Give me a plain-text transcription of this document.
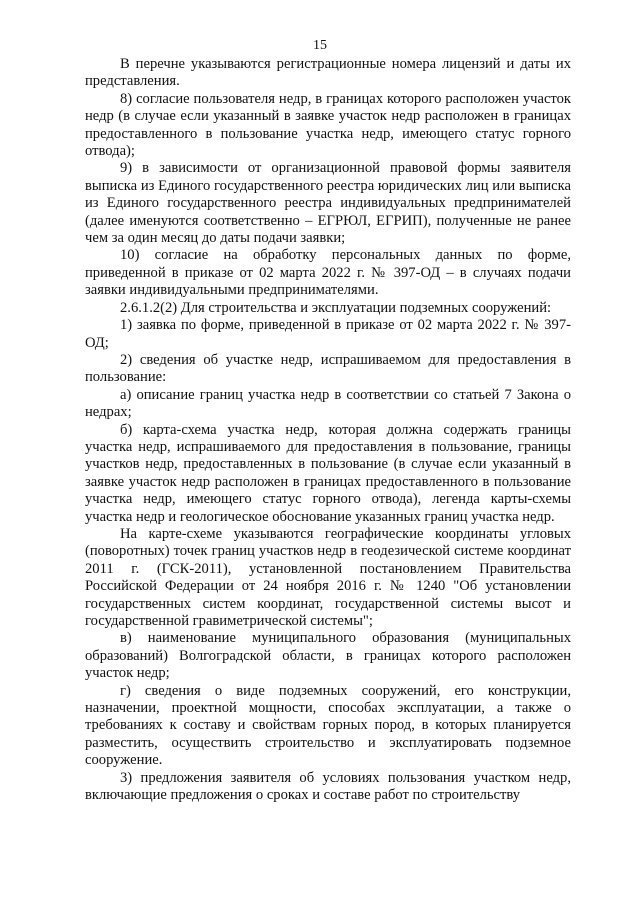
15

В перечне указываются регистрационные номера лицензий и даты их представления.

8) согласие пользователя недр, в границах которого расположен участок недр (в случае если указанный в заявке участок недр расположен в границах предоставленного в пользование участка недр, имеющего статус горного отвода);

9) в зависимости от организационной правовой формы заявителя выписка из Единого государственного реестра юридических лиц или выписка из Единого государственного реестра индивидуальных предпринимателей (далее именуются соответственно – ЕГРЮЛ, ЕГРИП), полученные не ранее чем за один месяц до даты подачи заявки;

10) согласие на обработку персональных данных по форме, приведенной в приказе от 02 марта 2022 г. № 397-ОД – в случаях подачи заявки индивидуальными предпринимателями.

2.6.1.2(2) Для строительства и эксплуатации подземных сооружений:

1) заявка по форме, приведенной в приказе от 02 марта 2022 г. № 397-ОД;

2) сведения об участке недр, испрашиваемом для предоставления в пользование:

а) описание границ участка недр в соответствии со статьей 7 Закона о недрах;

б) карта-схема участка недр, которая должна содержать границы участка недр, испрашиваемого для предоставления в пользование, границы участков недр, предоставленных в пользование (в случае если указанный в заявке участок недр расположен в границах предоставленного в пользование участка недр, имеющего статус горного отвода), легенда карты-схемы участка недр и геологическое обоснование указанных границ участка недр.

На карте-схеме указываются географические координаты угловых (поворотных) точек границ участков недр в геодезической системе координат 2011 г. (ГСК-2011), установленной постановлением Правительства Российской Федерации от 24 ноября 2016 г. № 1240 "Об установлении государственных систем координат, государственной системы высот и государственной гравиметрической системы";

в) наименование муниципального образования (муниципальных образований) Волгоградской области, в границах которого расположен участок недр;

г) сведения о виде подземных сооружений, его конструкции, назначении, проектной мощности, способах эксплуатации, а также о требованиях к составу и свойствам горных пород, в которых планируется разместить, осуществить строительство и эксплуатировать подземное сооружение.

3) предложения заявителя об условиях пользования участком недр, включающие предложения о сроках и составе работ по строительству
